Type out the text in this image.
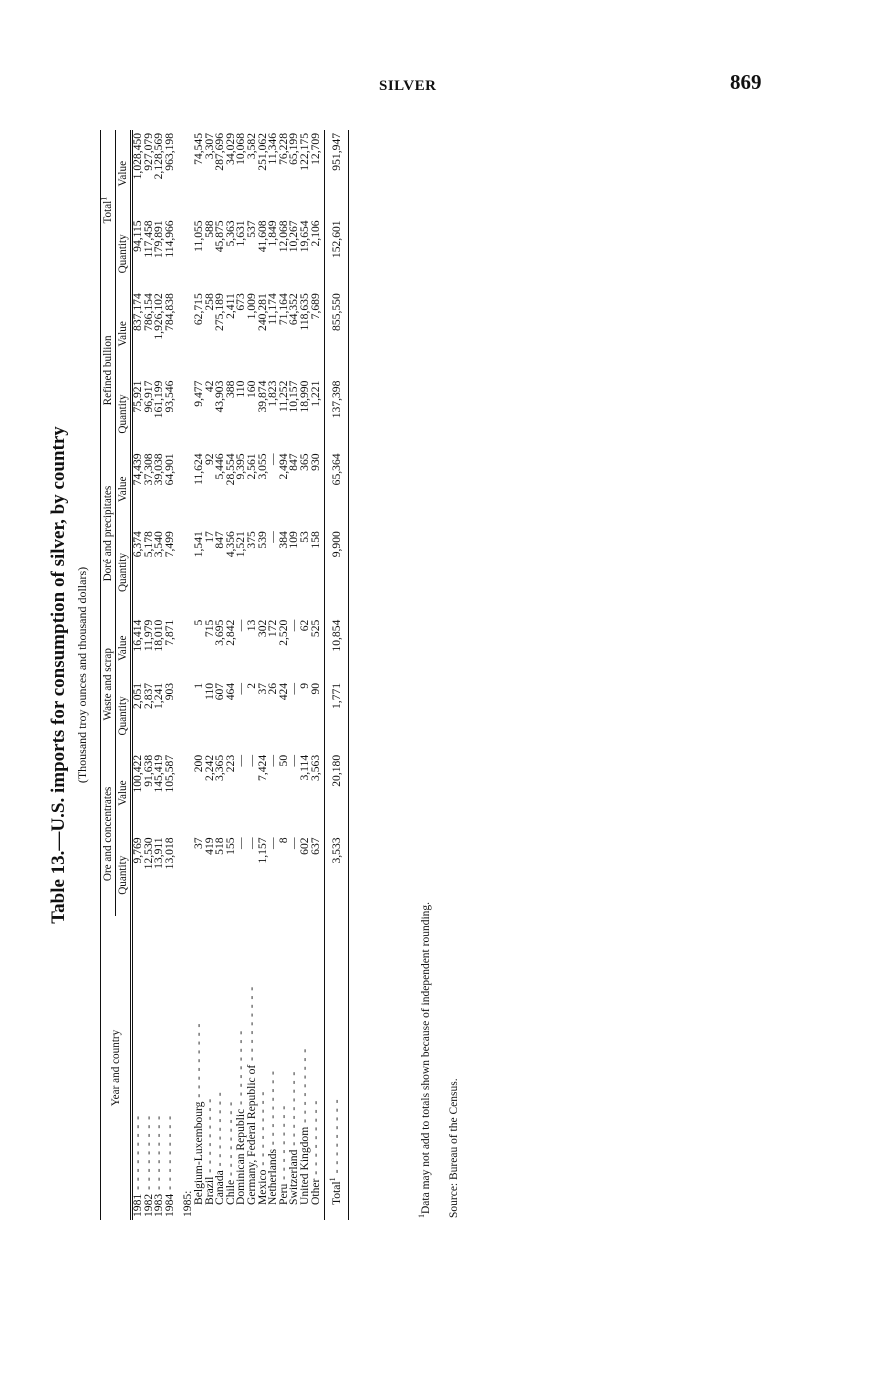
SILVER	869
Table 13.—U.S. imports for consumption of silver, by country (Thousand troy ounces and thousand dollars)
Year and country	Ore and concentrates		Waste and scrap		Doré and precipitates		Refined bullion		Total$^1$
	Quantity	Value	Quantity	Value	Quantity	Value	Quantity	Value	Quantity	Value
1981 - - - - - - - - -	9,769	100,422	2,051	16,414	6,374	74,439	75,921	837,174	94,115	1,028,450
1982 - - - - - - - - -	12,530	91,638	2,837	11,979	5,178	37,308	96,917	786,154	117,458	927,079
1983 - - - - - - - - -	13,911	145,419	1,241	18,010	3,540	39,038	161,199	1,926,102	179,891	2,128,569
1984 - - - - - - - - -	13,018	105,587	903	7,871	7,499	64,901	93,546	784,838	114,966	963,198

1985:										
Belgium-Luxembourg - - - - - - - - -	37	200	1	5	1,541	11,624	9,477	62,715	11,055	74,545
Brazil - - - - - - - - -	419	2,242	110	715	17	92	42	258	588	3,307
Canada - - - - - - - - -	518	3,365	607	3,695	847	5,446	43,903	275,189	45,875	287,696
Chile - - - - - - - - -	155	223	464	2,842	4,356	28,554	388	2,411	5,363	34,029
Dominican Republic - - - - - - - - -	—	—	—	—	1,521	9,395	110	673	1,631	10,068
Germany, Federal Republic of - - - - - - - - -	—	—	2	13	375	2,561	160	1,009	537	3,582
Mexico - - - - - - - - -	1,157	7,424	37	302	539	3,055	39,874	240,281	41,608	251,062
Netherlands - - - - - - - - -	—	—	26	172	—	—	1,823	11,174	1,849	11,346
Peru - - - - - - - - -	8	50	424	2,520	384	2,494	11,252	71,164	12,068	76,228
Switzerland - - - - - - - - -	—	—	—	—	109	847	10,157	64,352	10,267	65,199
United Kingdom - - - - - - - - -	602	3,114	9	62	53	365	18,990	118,635	19,654	122,175
Other - - - - - - - - -	637	3,563	90	525	158	930	1,221	7,689	2,106	12,709

Total$^1$ - - - - - - - - -	3,533	20,180	1,771	10,854	9,900	65,364	137,398	855,550	152,601	951,947

$^1$Data may not add to totals shown because of independent rounding. Source: Bureau of the Census.
